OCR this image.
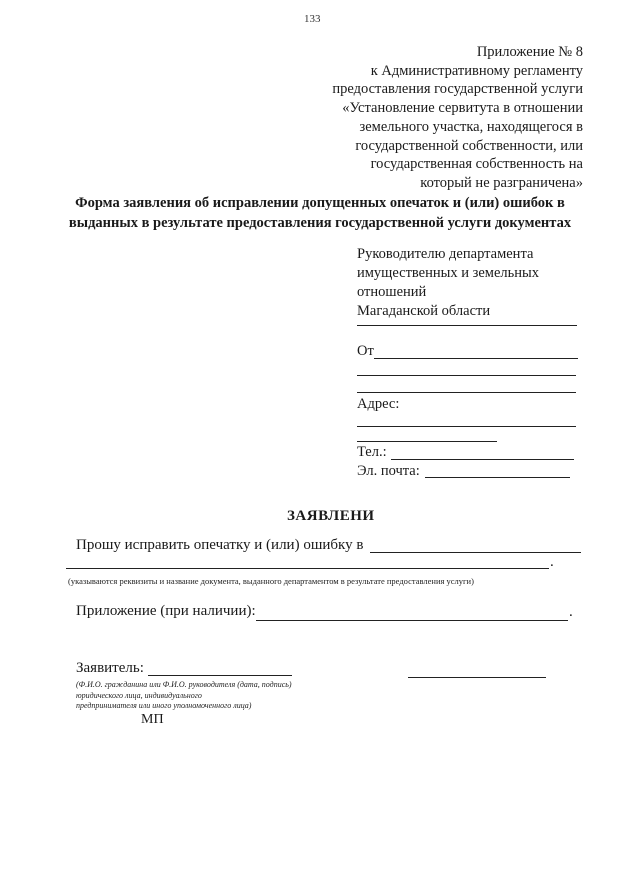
133
Приложение № 8
к Административному регламенту
предоставления государственной услуги
«Установление сервитута в отношении
земельного участка, находящегося в
государственной собственности, или
государственная собственность на
который не разграничена»
Форма заявления об исправлении допущенных опечаток и (или) ошибок в выданных в результате предоставления государственной услуги документах
Руководителю департамента
имущественных и земельных
отношений
Магаданской области
От
Адрес:
Тел.:
Эл. почта:
ЗАЯВЛЕНИ
Прошу исправить опечатку и (или) ошибку в
.
(указываются реквизиты и название документа, выданного департаментом в результате предоставления услуги)
Приложение (при наличии):	.
Заявитель:
(Ф.И.О. гражданина или Ф.И.О. руководителя (дата, подпись)
юридического лица, индивидуального
предпринимателя или иного уполномоченного лица)
МП
